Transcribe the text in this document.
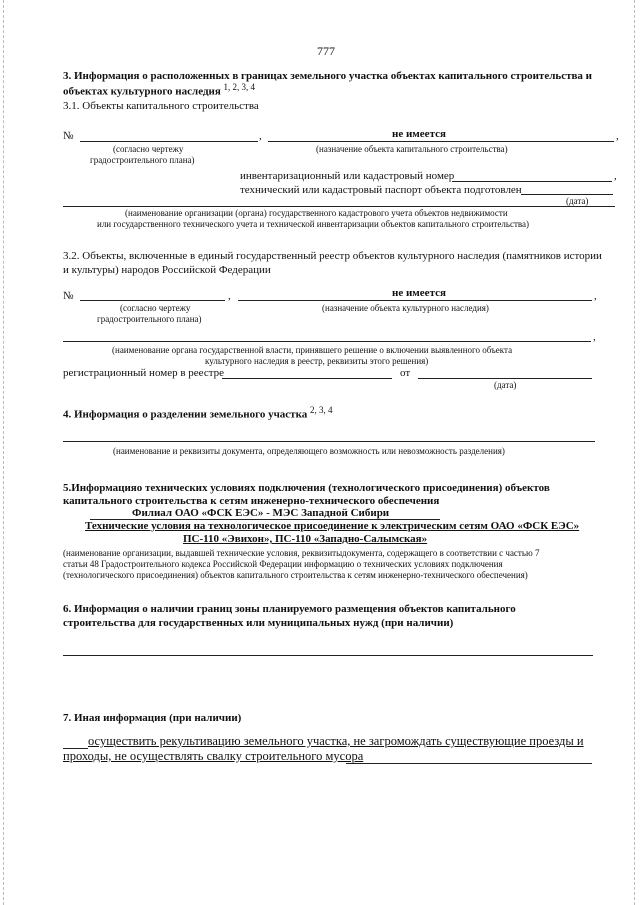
777
3. Информация о расположенных в границах земельного участка объектах капитального строительства и
объектах культурного наследия $^{1, 2, 3, 4}$
3.1. Объекты капитального строительства
№	,	,
не имеется
(согласно чертежу
градостроительного плана)
(назначение объекта капитального строительства)
инвентаризационный или кадастровый номер	,
технический или кадастровый паспорт объекта подготовлен
(дата)
(наименование организации (органа) государственного кадастрового учета объектов недвижимости
или государственного технического учета и технической инвентаризации объектов капитального строительства)
3.2. Объекты, включенные в единый государственный реестр объектов культурного наследия (памятников истории
и культуры) народов Российской Федерации
№	,	,
не имеется
(согласно чертежу
градостроительного плана)
(назначение объекта культурного наследия)
,
(наименование органа государственной власти, принявшего решение о включении выявленного объекта
культурного наследия в реестр, реквизиты этого решения)
регистрационный номер в реестре	от
(дата)
4. Информация о разделении земельного участка $^{2, 3, 4}$
(наименование и реквизиты документа, определяющего возможность или невозможность разделения)
5.Информацияо технических условиях подключения (технологического присоединения) объектов
капитального строительства к сетям инженерно-технического обеспечения
Филиал ОАО «ФСК ЕЭС» - МЭС Западной Сибири
Технические условия на технологическое присоединение к электрическим сетям ОАО «ФСК ЕЭС»
ПС-110 «Эвихон», ПС-110 «Западно-Салымская»
(наименование организации, выдавшей технические условия, реквизитыдокумента, содержащего в соответствии с частью 7
статьи 48 Градостроительного кодекса Российской Федерации информацию о технических условиях подключения
(технологического присоединения) объектов капитального строительства к сетям инженерно-технического обеспечения)
6. Информация о наличии границ зоны планируемого размещения объектов капитального
строительства для государственных или муниципальных нужд (при наличии)
7. Иная информация (при наличии)
осуществить рекультивацию земельного участка, не загромождать существующие проезды и
проходы, не осуществлять свалку строительного мусора
